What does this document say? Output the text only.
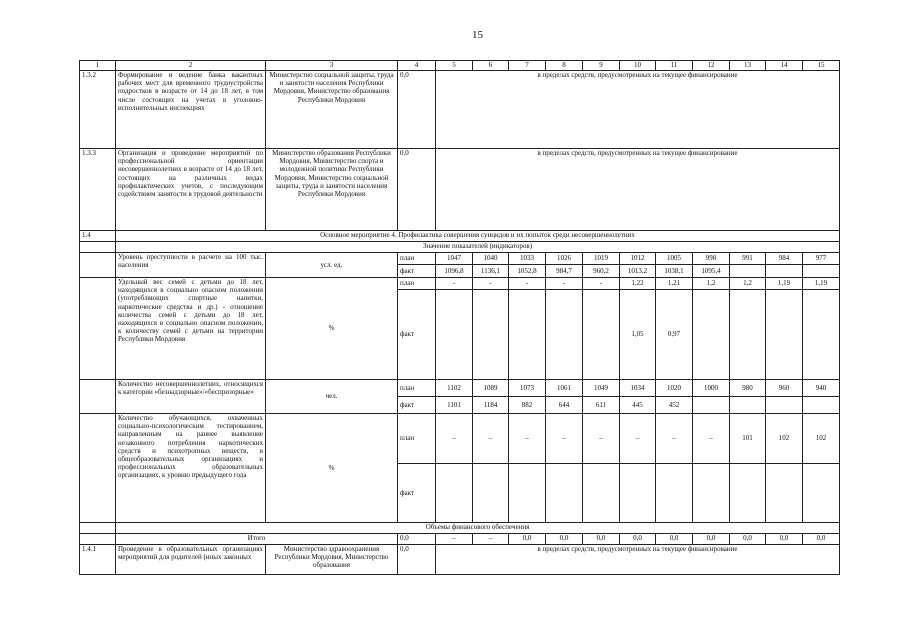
15
1	2	3	4	5	6	7	8	9	10	11	12	13	14	15
1.3.2	Формирование и ведение банка вакантных рабочих мест для временного трудоустройства подростков в возрасте от 14 до 18 лет, в том числе состоящих на учетах в уголовно-исполнительных инспекциях	Министерство социальной защиты, труда и занятости населения Республики Мордовия, Министерство образования Республики Мордовия	0,0	в пределах средств, предусмотренных на текущее финансирование										
1.3.3	Организация и проведение мероприятий по профессиональной ориентации несовершеннолетних в возрасте от 14 до 18 лет, состоящих на различных видах профилактических учетов, с последующим содействием занятости в трудовой деятельности	Министерство образования Республики Мордовия, Министерство спорта и молодежной политики Республики Мордовия, Министерство социальной защиты, труда и занятости населения Республики Мордовия	0,0	в пределах средств, предусмотренных на текущее финансирование										
1.4	Основное мероприятие 4. Профилактика совершения суицидов и их попыток среди несовершеннолетних													
	Значение показателей (индикаторов)													
	Уровень преступности в расчете на 100 тыс. населения	усл. ед.	план	1047	1040	1033	1026	1019	1012	1005	998	991	984	977
			факт	1096,8	1136,1	1052,8	984,7	960,2	1013,2	1038,1	1095,4			
	Удельный вес семей с детьми до 18 лет, находящихся в социально опасном положении (употребляющих спиртные напитки, наркотические средства и др.) - отношение количества семей с детьми до 18 лет, находящихся в социально опасном положении, к количеству семей с детьми на территории Республики Мордовия	%	план	-	-	-	-	-	1,22	1,21	1,2	1,2	1,19	1,19
			факт						1,05	0,97				
	Количество несовершеннолетних, относящихся к категории «безнадзорные»/«беспризорные»	чел.	план	1102	1089	1073	1061	1049	1034	1020	1000	980	960	940
			факт	1101	1184	882	644	611	445	452				
	Количество обучающихся, охваченных социально-психологическим тестированием, направленным на раннее выявление незаконного потребления наркотических средств и психотропных веществ, в общеобразовательных организациях и профессиональных образовательных организациях, к уровню предыдущего года	%	план	–	–	–	–	–	–	–	–	101	102	102
			факт											
	Объемы финансового обеспечения													
	Итого		0,0	–	–	0,0	0,0	0,0	0,0	0,0	0,0	0,0	0,0	0,0
1.4.1	Проведение в образовательных организациях мероприятий для родителей (иных законных	Министерство здравоохранения Республики Мордовия, Министерство образования	0,0	в пределах средств, предусмотренных на текущее финансирование										
